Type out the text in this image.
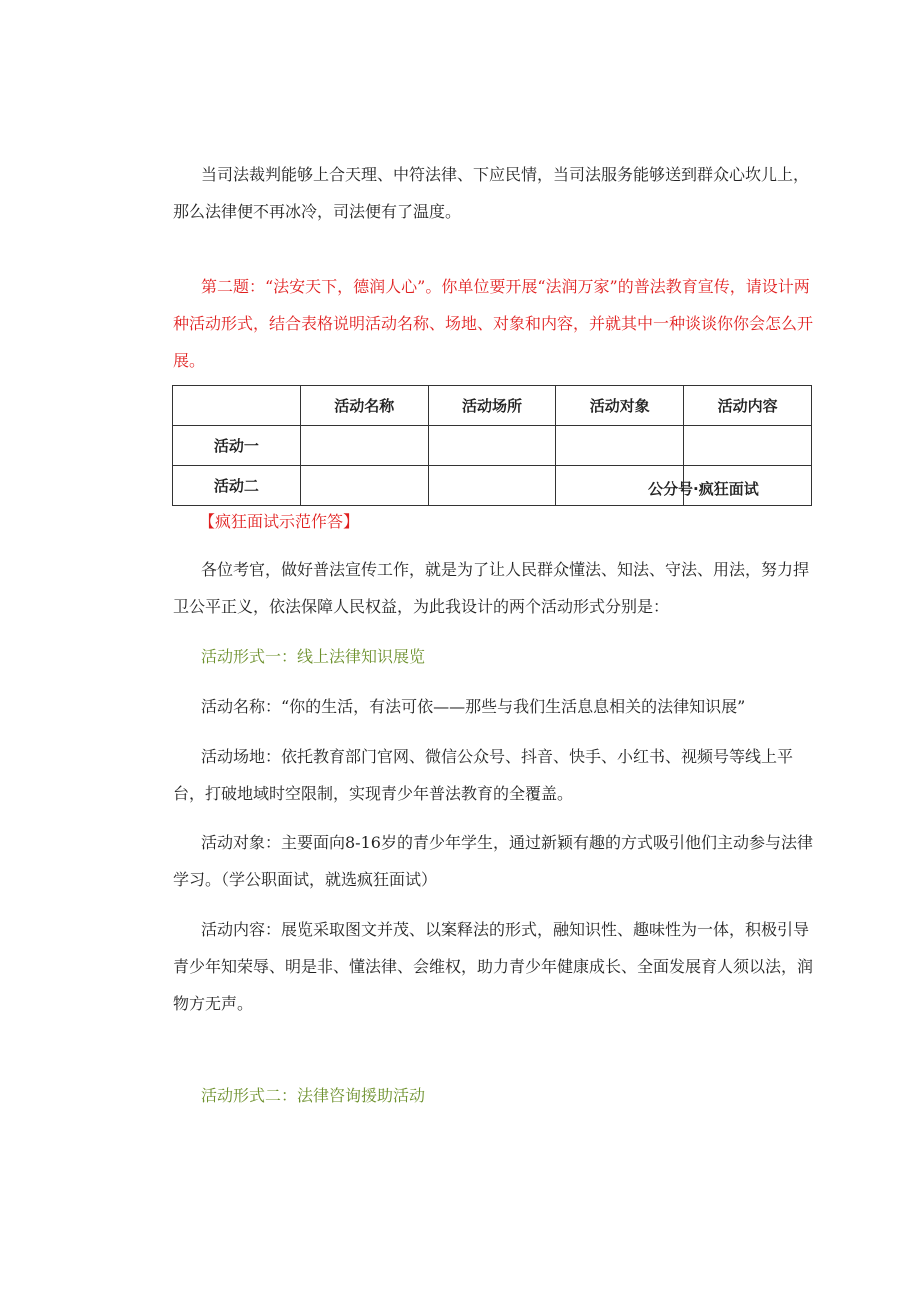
当司法裁判能够上合天理、中符法律、下应民情，当司法服务能够送到群众心坎儿上，那么法律便不再冰冷，司法便有了温度。

第二题：“法安天下，德润人心”。你单位要开展“法润万家”的普法教育宣传，请设计两种活动形式，结合表格说明活动名称、场地、对象和内容，并就其中一种谈谈你你会怎么开展。

	活动名称	活动场所	活动对象	活动内容
活动一				
活动二					公分号·疯狂面试
【疯狂面试示范作答】

各位考官，做好普法宣传工作，就是为了让人民群众懂法、知法、守法、用法，努力捍卫公平正义，依法保障人民权益，为此我设计的两个活动形式分别是：

活动形式一：线上法律知识展览

活动名称：“你的生活，有法可依——那些与我们生活息息相关的法律知识展”

活动场地：依托教育部门官网、微信公众号、抖音、快手、小红书、视频号等线上平台，打破地域时空限制，实现青少年普法教育的全覆盖。

活动对象：主要面向8-16岁的青少年学生，通过新颖有趣的方式吸引他们主动参与法律学习。（学公职面试，就选疯狂面试）

活动内容：展览采取图文并茂、以案释法的形式，融知识性、趣味性为一体，积极引导青少年知荣辱、明是非、懂法律、会维权，助力青少年健康成长、全面发展育人须以法，润物方无声。

活动形式二：法律咨询援助活动
